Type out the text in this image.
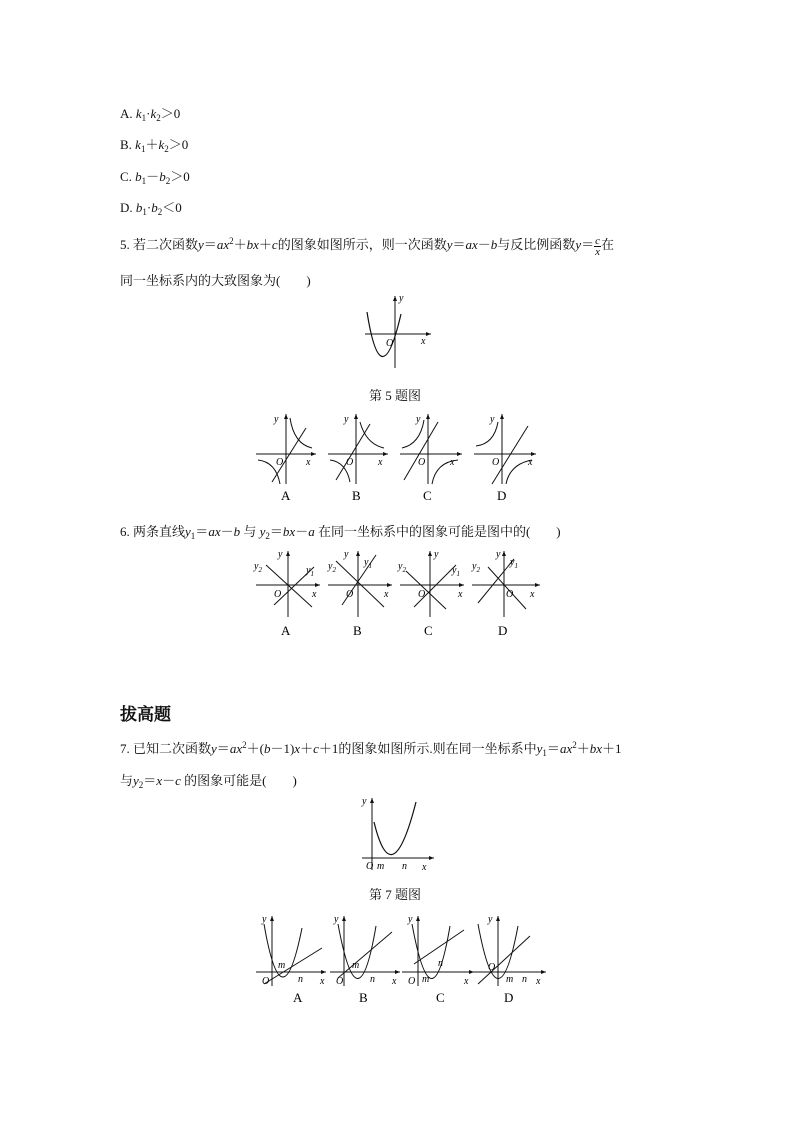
A. $k_1\cdot k_2>0$
B. $k_1+k_2>0$
C. $b_1-b_2>0$
D. $b_1\cdot b_2<0$
5. 若二次函数$y=ax^2+bx+c$的图象如图所示，则一次函数y＝ax－b与反比例函数$y= \frac{c}{x}$ 在
同一坐标系内的大致图象为(　　)
y
x
O
第 5 题图
y
x
O
y
x
O
y
x
O
y
x
O
A	B	C	D
6. 两条直线$y_1=ax-b$ 与 $y_2=bx-a$ 在同一坐标系中的图象可能是图中的(　　)
y
$y_2$	$y_1$
x
O
y
$y_2$
$y_1$
x
O
y
$y_2$	$y_1$
x
O
y
$y_2$
$y_1$
x
O
A	B	C	D
拔高题
7. 已知二次函数$y=ax^2+(b-1)x+c+1$的图象如图所示.则在同一坐标系中$y_1=ax^2+bx+1$
与$y_2=x-c$ 的图象可能是(　　)
y
x
O m n
第 7 题图
y
m
n x
O
y
m
n x
O
y
m
n
x
O
y
O
m n x
A	B	C	D
